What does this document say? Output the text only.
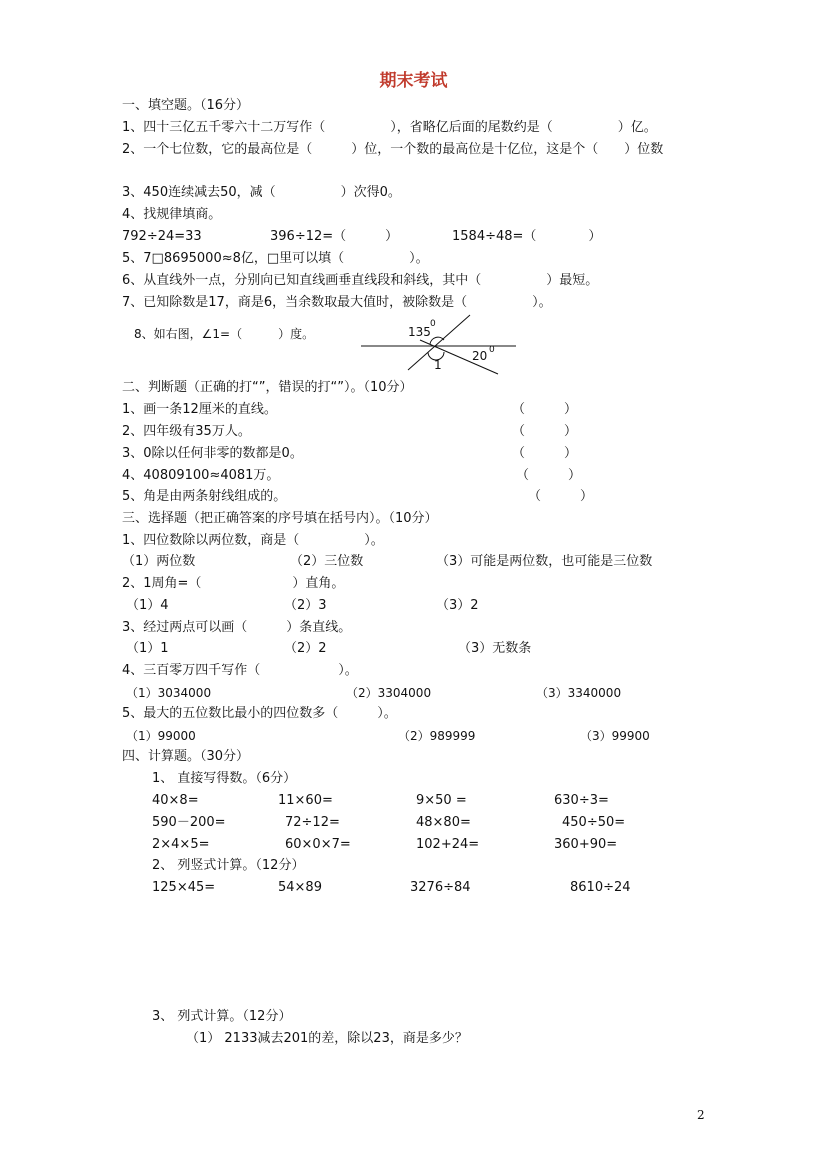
期末考试
一、填空题。（16分）
1、四十三亿五千零六十二万写作（　　　　　），省略亿后面的尾数约是（　　　　　）亿。
2、一个七位数，它的最高位是（　　　）位，一个数的最高位是十亿位，这是个（　　）位数
3、450连续减去50，减（　　　　　）次得0。
4、找规律填商。
792÷24=33	396÷12=（　　　）	1584÷48=（　　　　）
5、7□8695000≈8亿，□里可以填（　　　　　）。
6、从直线外一点，分别向已知直线画垂直线段和斜线，其中（　　　　　）最短。
7、已知除数是17，商是6，当余数取最大值时，被除数是（　　　　　）。
8、如右图，∠1=（　　　）度。	135
0
20 0
1
二、判断题（正确的打“”，错误的打“”）。（10分）
1、画一条12厘米的直线。	（　　　）
2、四年级有35万人。	（　　　）
3、0除以任何非零的数都是0。	（　　　）
4、40809100≈4081万。	（　　　）
5、角是由两条射线组成的。	（　　　）
三、选择题（把正确答案的序号填在括号内）。（10分）
1、四位数除以两位数，商是（　　　　　）。
（1）两位数	（2）三位数	（3）可能是两位数，也可能是三位数
2、1周角=（　　　　　　　）直角。
（1）4	（2）3	（3）2
3、经过两点可以画（　　　）条直线。
（1）1	（2）2	（3）无数条
4、三百零万四千写作（　　　　　　）。
（1）3034000	（2）3304000	（3）3340000
5、最大的五位数比最小的四位数多（　　　）。
（1）99000	（2）989999	（3）99900
四、计算题。（30分）
1、 直接写得数。（6分）
40×8=	11×60=	9×50 =	630÷3=
590－200=	72÷12=	48×80=	450÷50=
2×4×5=	60×0×7=	102+24=	360+90=
2、 列竖式计算。（12分）
125×45=	54×89	3276÷84	8610÷24
3、 列式计算。（12分）
（1） 2133减去201的差，除以23，商是多少？
2
